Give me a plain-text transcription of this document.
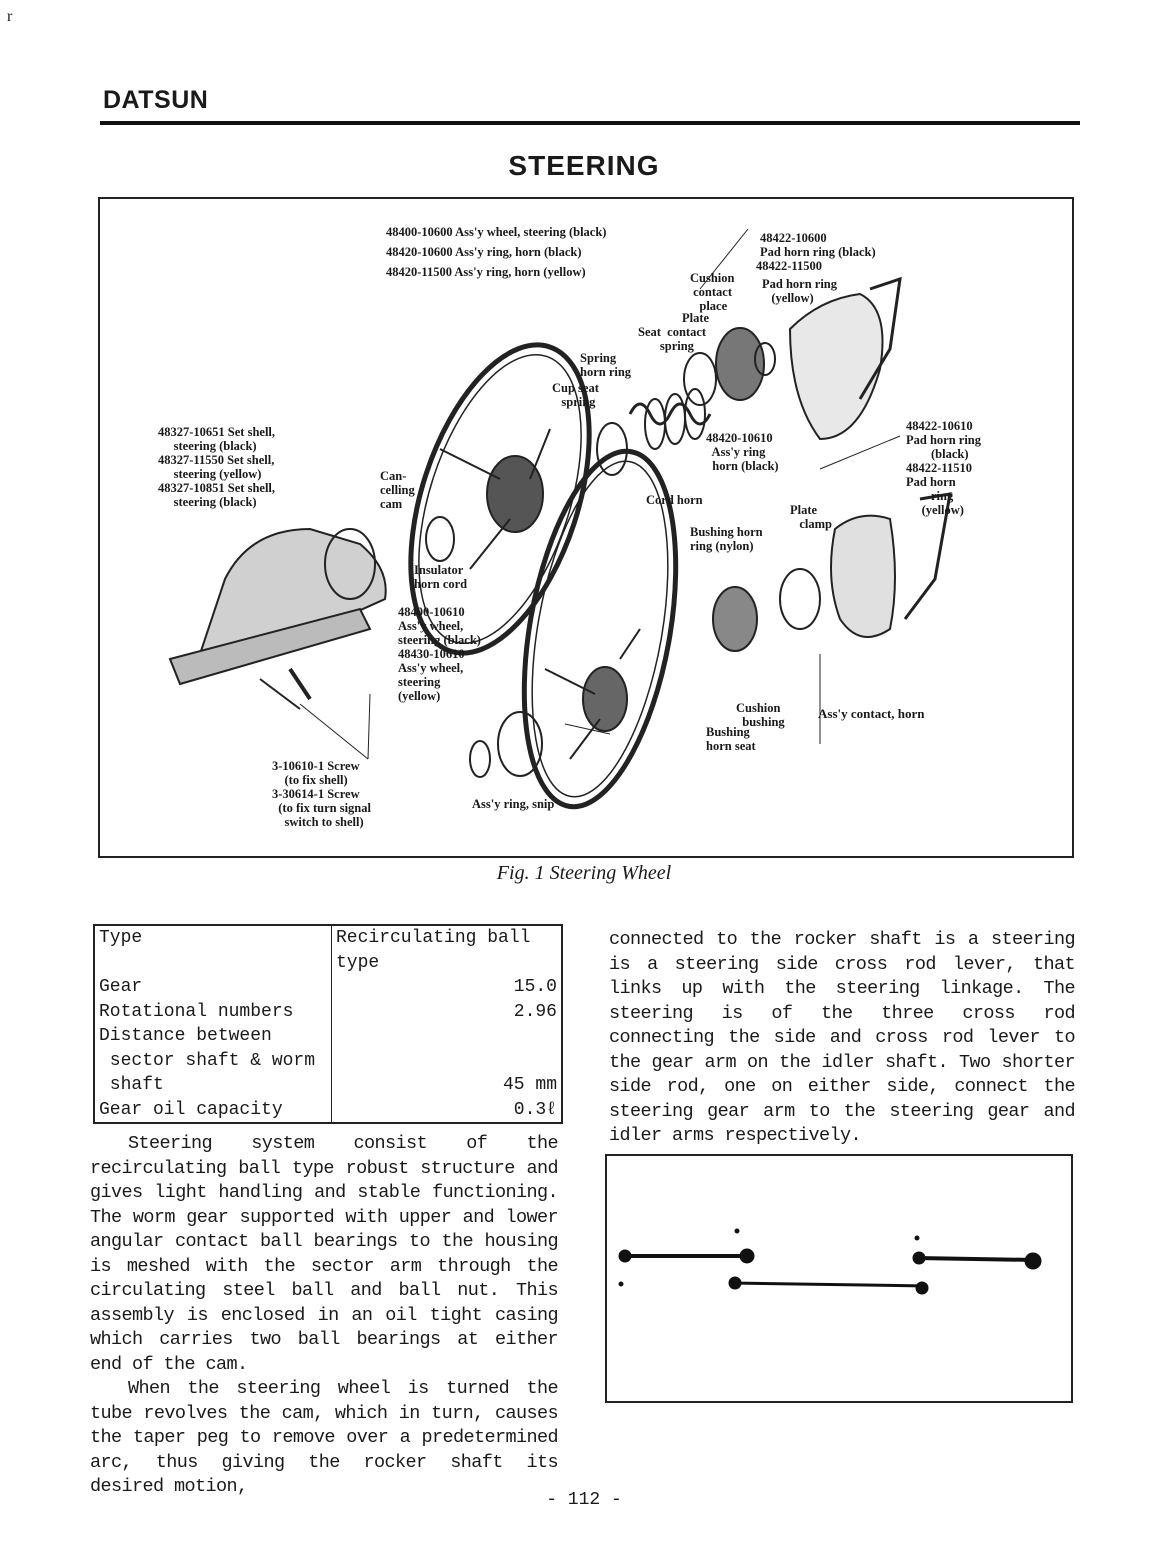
r
DATSUN
STEERING
48400-10600 Ass'y wheel, steering (black)
48420-10600 Ass'y ring, horn (black)
48420-11500 Ass'y ring, horn (yellow)
48422-10600
Pad horn ring (black)
48422-11500
Cushion
contact
place
Pad horn ring
(yellow)
Plate
Seat  contact
spring
Spring
horn ring
Cup seat
spring
48327-10651 Set shell,
steering (black)
48327-11550 Set shell,
steering (yellow)
48327-10851 Set shell,
steering (black)
Can-
celling
cam
48420-10610
Ass'y ring
horn (black)
Cord horn
48422-10610
Pad horn ring
(black)
48422-11510
Pad horn
ring
(yellow)
Plate
clamp
Bushing horn
ring (nylon)
Insulator
horn cord
48400-10610
Ass'y wheel,
steering (black)
48430-10610
Ass'y wheel,
steering
(yellow)
Cushion
bushing
Bushing
horn seat
Ass'y contact, horn
3-10610-1 Screw
(to fix shell)
3-30614-1 Screw
(to fix turn signal
switch to shell)
Ass'y ring, snip
Fig. 1 Steering Wheel
Type	Recirculating ball type
Gear	15.0
Rotational numbers	2.96
Distance between	
sector shaft & worm	
shaft	45 mm
Gear oil capacity	0.3ℓ

Steering system consist of the recirculating ball type robust structure and gives light handling and stable functioning. The worm gear supported with upper and lower angular contact ball bearings to the housing is meshed with the sector arm through the circulating steel ball and ball nut. This assembly is enclosed in an oil tight casing which carries two ball bearings at either end of the cam.

When the steering wheel is turned the tube revolves the cam, which in turn, causes the taper peg to remove over a predetermined arc, thus giving the rocker shaft its desired motion,

connected to the rocker shaft is a steering is a steering side cross rod lever, that links up with the steering linkage. The steering is of the three cross rod connecting the side and cross rod lever to the gear arm on the idler shaft. Two shorter side rod, one on either side, connect the steering gear arm to the steering gear and idler arms respectively.

- 112 -
